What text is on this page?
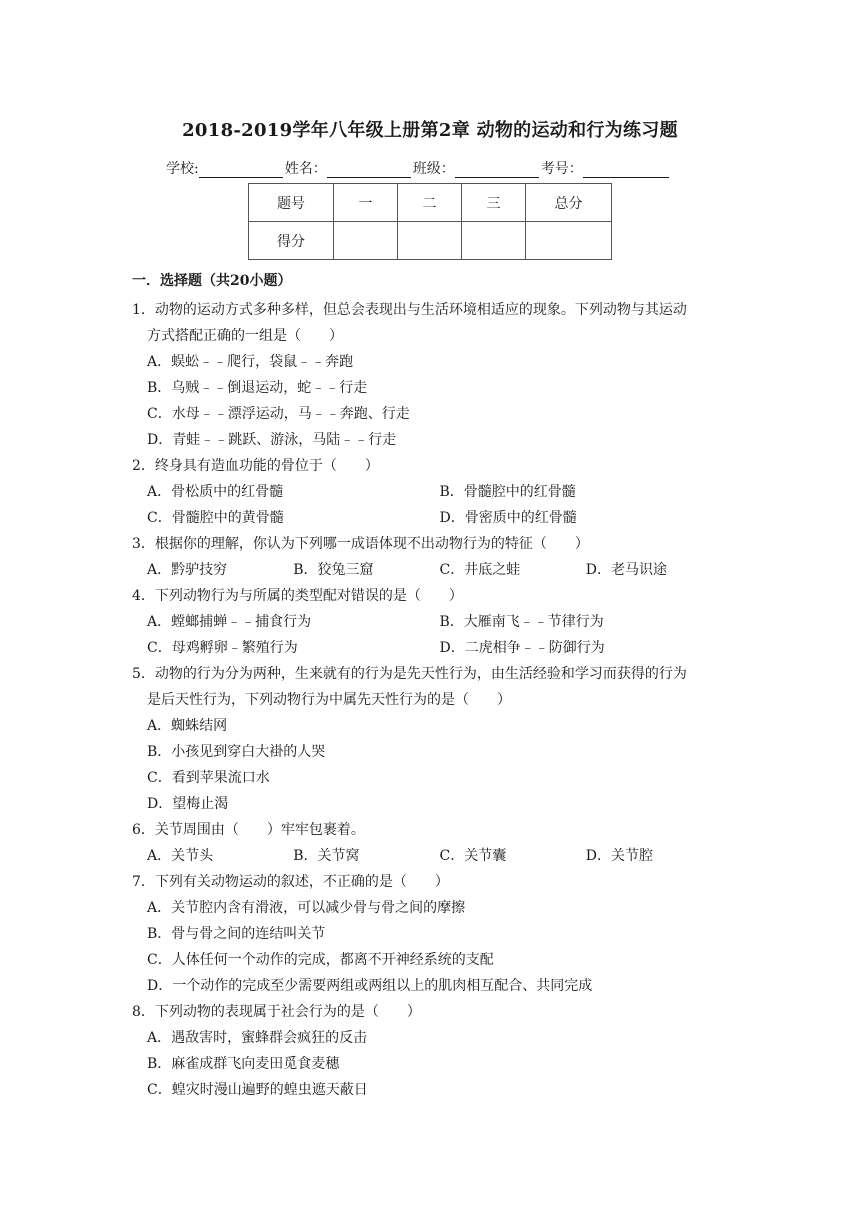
2018-2019学年八年级上册第2章 动物的运动和行为练习题
学校:	姓名：	班级：	考号：
题号	一	二	三	总分
得分				
一．选择题（共20小题）
1．动物的运动方式多种多样，但总会表现出与生活环境相适应的现象。下列动物与其运动
方式搭配正确的一组是（　　）
A．蜈蚣﹣﹣爬行，袋鼠﹣﹣奔跑
B．乌贼﹣﹣倒退运动，蛇﹣﹣行走
C．水母﹣﹣漂浮运动，马﹣﹣奔跑、行走
D．青蛙﹣﹣跳跃、游泳，马陆﹣﹣行走
2．终身具有造血功能的骨位于（　　）
A．骨松质中的红骨髓	B．骨髓腔中的红骨髓
C．骨髓腔中的黄骨髓	D．骨密质中的红骨髓
3．根据你的理解，你认为下列哪一成语体现不出动物行为的特征（　　）
A．黔驴技穷	B．狡兔三窟	C．井底之蛙	D．老马识途
4．下列动物行为与所属的类型配对错误的是（　　）
A．螳螂捕蝉﹣﹣捕食行为	B．大雁南飞﹣﹣节律行为
C．母鸡孵卵﹣繁殖行为	D．二虎相争﹣﹣防御行为
5．动物的行为分为两种，生来就有的行为是先天性行为，由生活经验和学习而获得的行为
是后天性行为，下列动物行为中属先天性行为的是（　　）
A．蜘蛛结网
B．小孩见到穿白大褂的人哭
C．看到苹果流口水
D．望梅止渴
6．关节周围由（　　）牢牢包裹着。
A．关节头	B．关节窝	C．关节囊	D．关节腔
7．下列有关动物运动的叙述，不正确的是（　　）
A．关节腔内含有滑液，可以减少骨与骨之间的摩擦
B．骨与骨之间的连结叫关节
C．人体任何一个动作的完成，都离不开神经系统的支配
D．一个动作的完成至少需要两组或两组以上的肌肉相互配合、共同完成
8．下列动物的表现属于社会行为的是（　　）
A．遇敌害时，蜜蜂群会疯狂的反击
B．麻雀成群飞向麦田觅食麦穗
C．蝗灾时漫山遍野的蝗虫遮天蔽日
